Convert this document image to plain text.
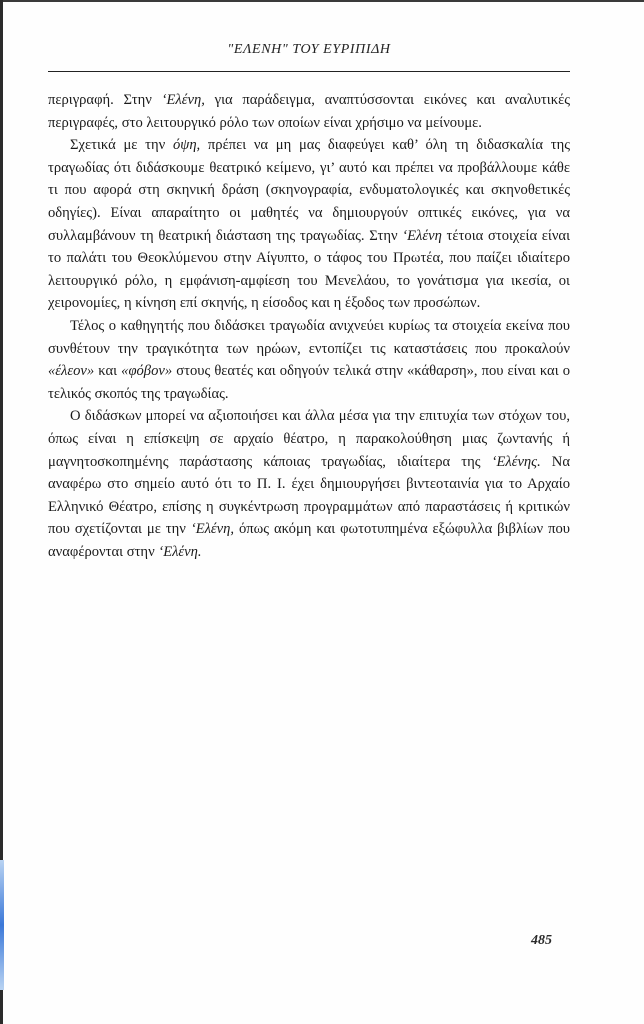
"ΕΛΕΝΗ" ΤΟΥ ΕΥΡΙΠΙΔΗ

περιγραφή. Στην ‘Ελένη, για παράδειγμα, αναπτύσσονται εικόνες και αναλυτικές περιγραφές, στο λειτουργικό ρόλο των οποίων είναι χρήσιμο να μείνουμε.

Σχετικά με την όψη, πρέπει να μη μας διαφεύγει καθ’ όλη τη διδασκαλία της τραγωδίας ότι διδάσκουμε θεατρικό κείμενο, γι’ αυτό και πρέπει να προβάλλουμε κάθε τι που αφορά στη σκηνική δράση (σκηνογραφία, ενδυματολογικές και σκηνοθετικές οδηγίες). Είναι απαραίτητο οι μαθητές να δημιουργούν οπτικές εικόνες, για να συλλαμβάνουν τη θεατρική διάσταση της τραγωδίας. Στην ‘Ελένη τέτοια στοιχεία είναι το παλάτι του Θεοκλύμενου στην Αίγυπτο, ο τάφος του Πρωτέα, που παίζει ιδιαίτερο λειτουργικό ρόλο, η εμφάνιση-αμφίεση του Μενελάου, το γονάτισμα για ικεσία, οι χειρονομίες, η κίνηση επί σκηνής, η είσοδος και η έξοδος των προσώπων.

Τέλος ο καθηγητής που διδάσκει τραγωδία ανιχνεύει κυρίως τα στοιχεία εκείνα που συνθέτουν την τραγικότητα των ηρώων, εντοπίζει τις καταστάσεις που προκαλούν «έλεον» και «φόβον» στους θεατές και οδηγούν τελικά στην «κάθαρση», που είναι και ο τελικός σκοπός της τραγωδίας.

Ο διδάσκων μπορεί να αξιοποιήσει και άλλα μέσα για την επιτυχία των στόχων του, όπως είναι η επίσκεψη σε αρχαίο θέατρο, η παρακολούθηση μιας ζωντανής ή μαγνητοσκοπημένης παράστασης κάποιας τραγωδίας, ιδιαίτερα της ‘Ελένης. Να αναφέρω στο σημείο αυτό ότι το Π. Ι. έχει δημιουργήσει βιντεοταινία για το Αρχαίο Ελληνικό Θέατρο, επίσης η συγκέντρωση προγραμμάτων από παραστάσεις ή κριτικών που σχετίζονται με την ‘Ελένη, όπως ακόμη και φωτοτυπημένα εξώφυλλα βιβλίων που αναφέρονται στην ‘Ελένη.

485
